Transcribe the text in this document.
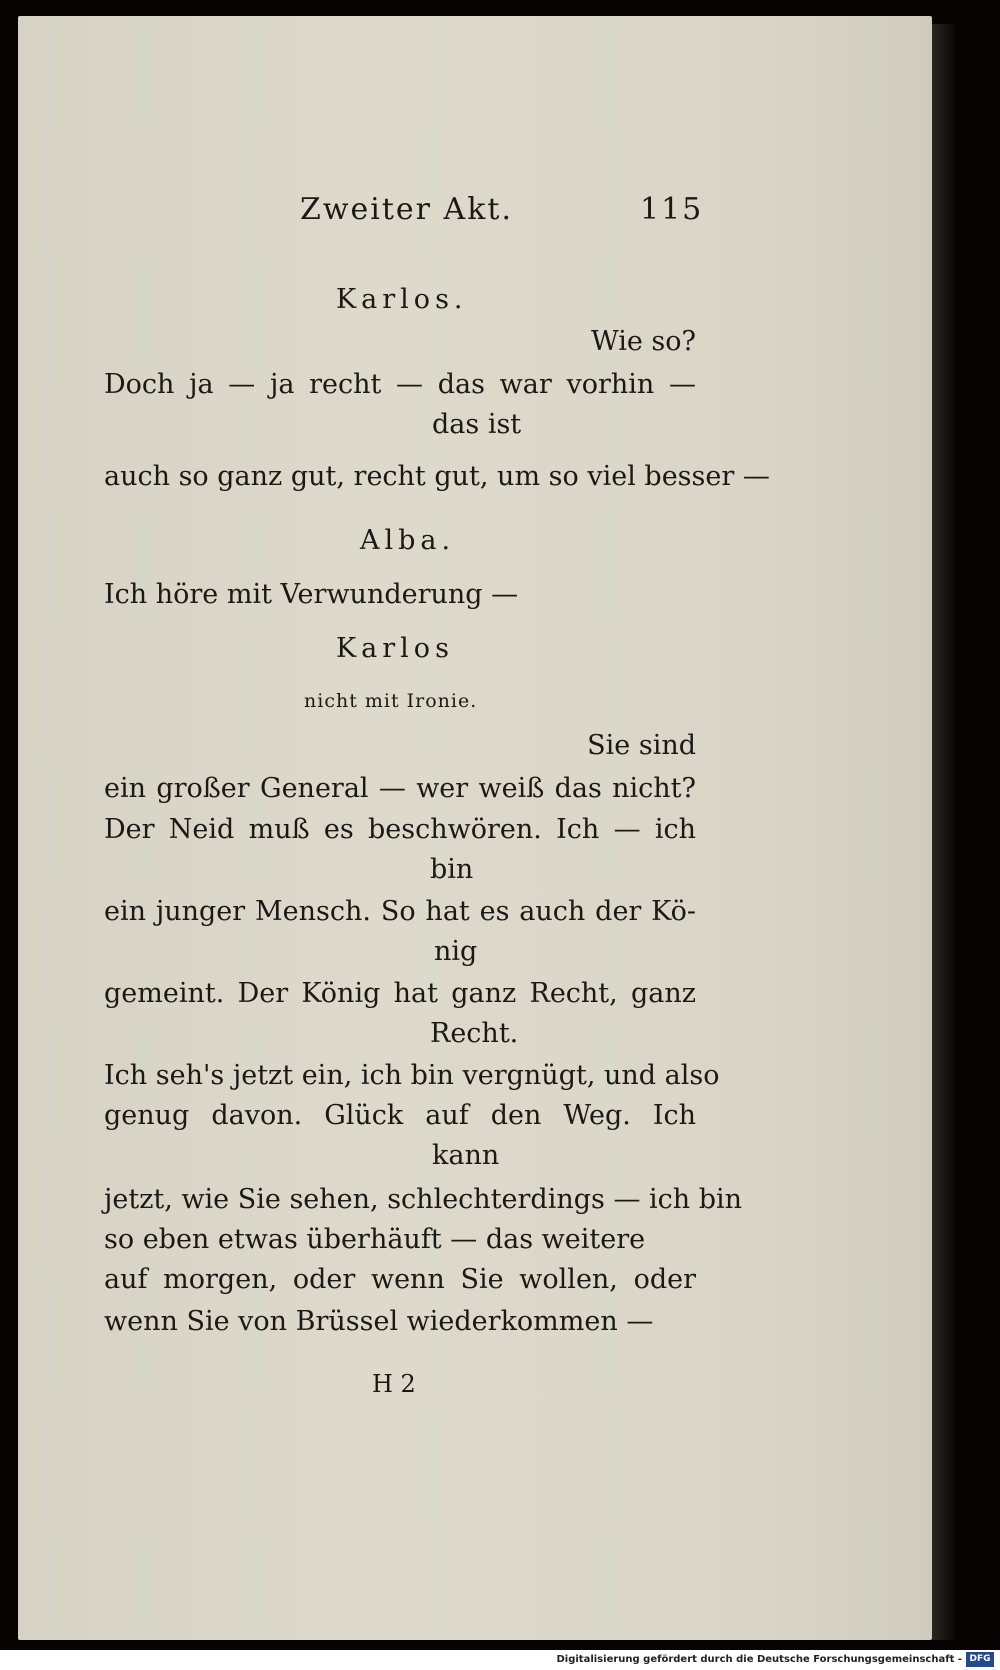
Zweiter Akt.	115
Karlos.
Wie so?
Doch ja — ja recht — das war vorhin —
das ist
auch so ganz gut, recht gut, um so viel besser —
Alba.
Ich höre mit Verwunderung —
Karlos
nicht mit Ironie.
Sie sind
ein großer General — wer weiß das nicht?
Der Neid muß es beschwören. Ich — ich
bin
ein junger Mensch. So hat es auch der Kö-
nig
gemeint. Der König hat ganz Recht, ganz
Recht.
Ich seh's jetzt ein, ich bin vergnügt, und also
genug davon. Glück auf den Weg. Ich
kann
jetzt, wie Sie sehen, schlechterdings — ich bin
so eben etwas überhäuft — das weitere
auf morgen, oder wenn Sie wollen, oder
wenn Sie von Brüssel wiederkommen —
H 2
Digitalisierung gefördert durch die Deutsche Forschungsgemeinschaft - DFG
